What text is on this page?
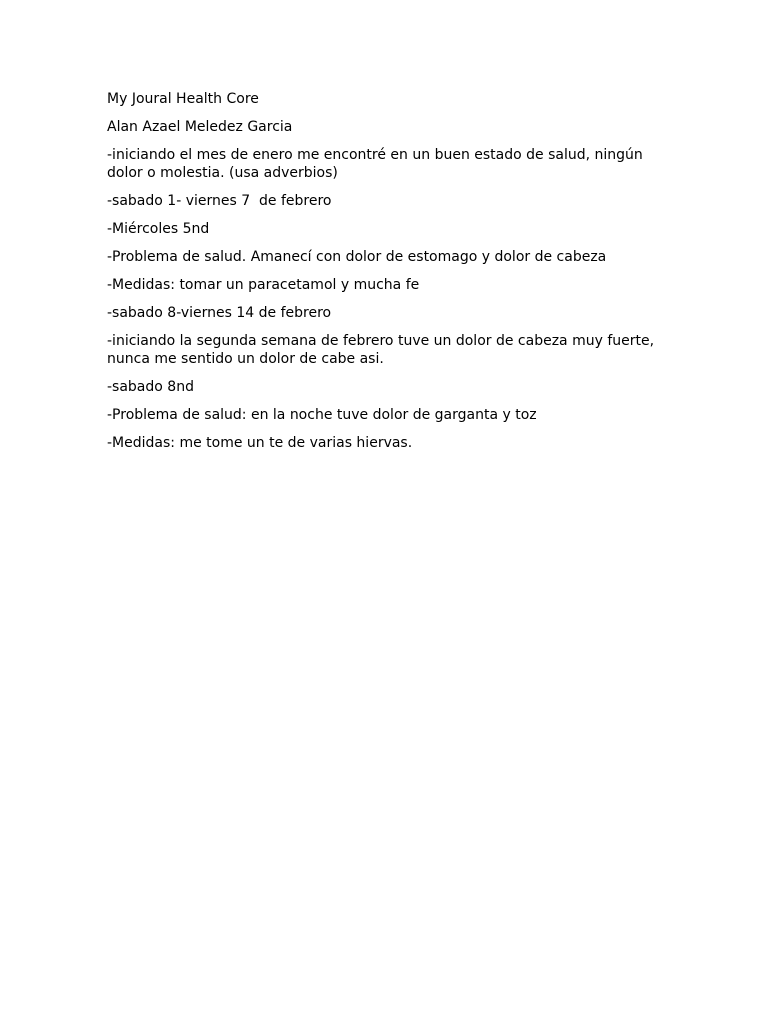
My Joural Health Core

Alan Azael Meledez Garcia

-iniciando el mes de enero me encontré en un buen estado de salud, ningún dolor o molestia. (usa adverbios)

-sabado 1- viernes 7  de febrero

-Miércoles 5nd

-Problema de salud. Amanecí con dolor de estomago y dolor de cabeza

-Medidas: tomar un paracetamol y mucha fe

-sabado 8-viernes 14 de febrero

-iniciando la segunda semana de febrero tuve un dolor de cabeza muy fuerte, nunca me sentido un dolor de cabe asi.

-sabado 8nd

-Problema de salud: en la noche tuve dolor de garganta y toz

-Medidas: me tome un te de varias hiervas.
